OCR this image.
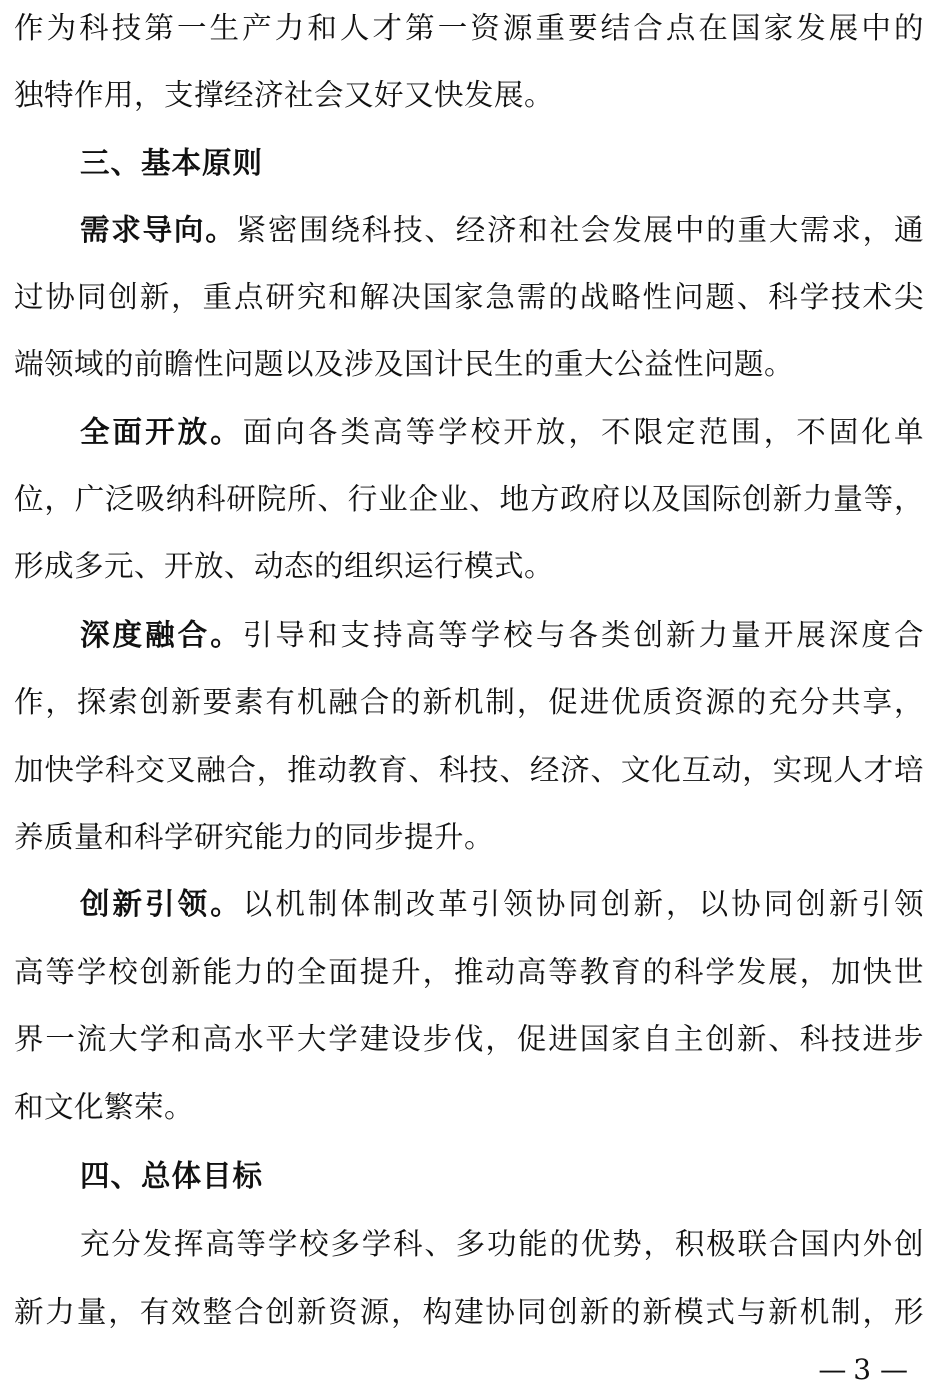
作为科技第一生产力和人才第一资源重要结合点在国家发展中的
独特作用，支撑经济社会又好又快发展。
三、基本原则
需求导向。紧密围绕科技、经济和社会发展中的重大需求，通
过协同创新，重点研究和解决国家急需的战略性问题、科学技术尖
端领域的前瞻性问题以及涉及国计民生的重大公益性问题。
全面开放。面向各类高等学校开放，不限定范围，不固化单
位，广泛吸纳科研院所、行业企业、地方政府以及国际创新力量等，
形成多元、开放、动态的组织运行模式。
深度融合。引导和支持高等学校与各类创新力量开展深度合
作，探索创新要素有机融合的新机制，促进优质资源的充分共享，
加快学科交叉融合，推动教育、科技、经济、文化互动，实现人才培
养质量和科学研究能力的同步提升。
创新引领。以机制体制改革引领协同创新，以协同创新引领
高等学校创新能力的全面提升，推动高等教育的科学发展，加快世
界一流大学和高水平大学建设步伐，促进国家自主创新、科技进步
和文化繁荣。
四、总体目标
充分发挥高等学校多学科、多功能的优势，积极联合国内外创
新力量，有效整合创新资源，构建协同创新的新模式与新机制，形
— 3 —
